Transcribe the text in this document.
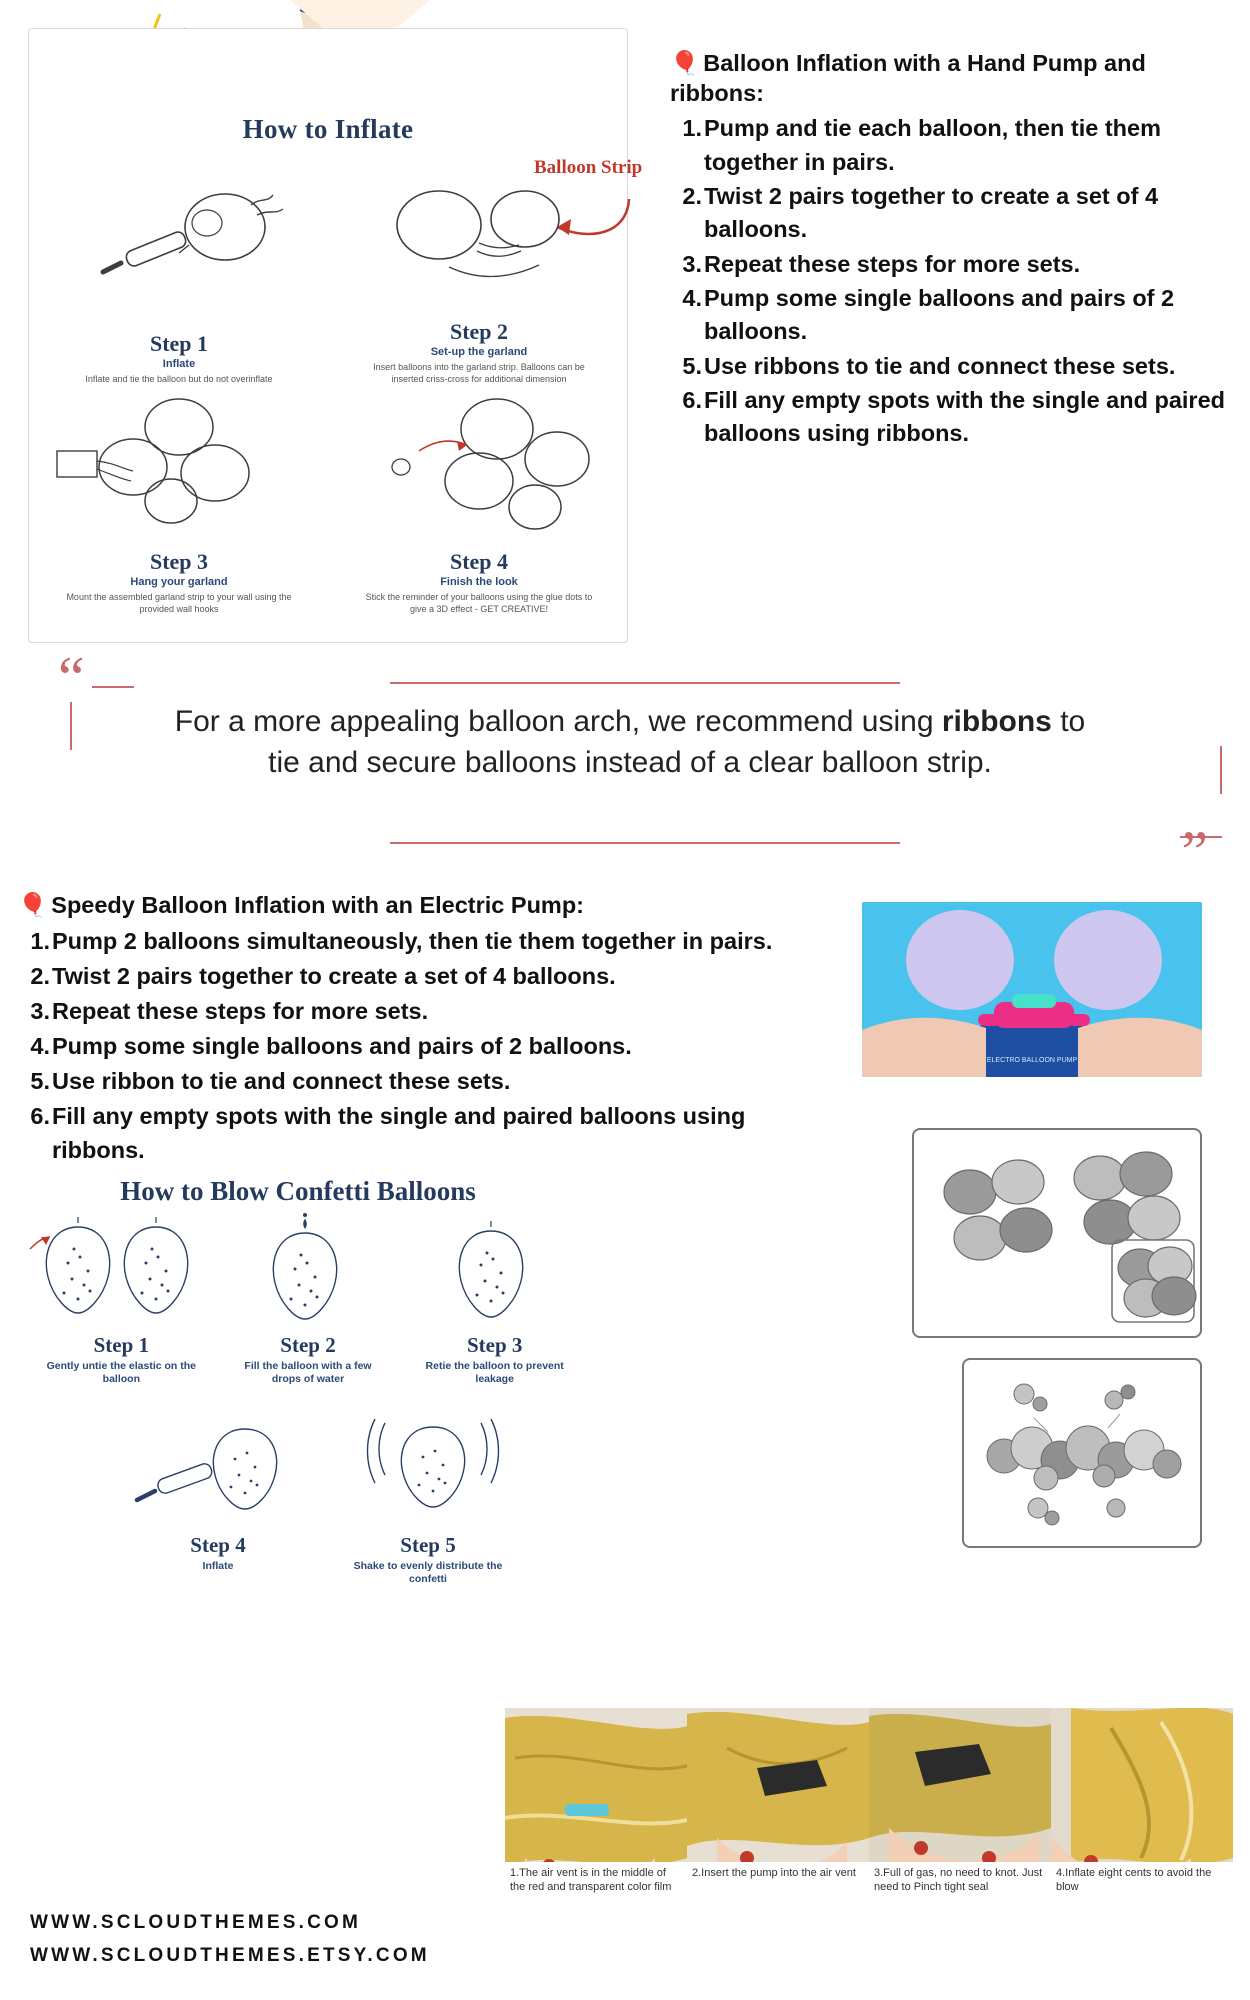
How to Inflate
Balloon Strip
Step 1
Inflate
Inflate and tie the balloon but do not overinflate
Step 2
Set-up the garland
Insert balloons into the garland strip. Balloons can be inserted criss-cross for additional dimension
Step 3
Hang your garland
Mount the assembled garland strip to your wall using the provided wall hooks
Step 4
Finish the look
Stick the reminder of your balloons using the glue dots to give a 3D effect - GET CREATIVE!
🎈 Balloon Inflation with a Hand Pump and ribbons:
Pump and tie each balloon, then tie them together in pairs.
Twist 2 pairs together to create a set of 4 balloons.
Repeat these steps for more sets.
Pump some single balloons and pairs of 2 balloons.
Use ribbons to tie and connect these sets.
Fill any empty spots with the single and paired balloons using ribbons.
“
”
For a more appealing balloon arch, we recommend using ribbons to tie and secure balloons instead of a clear balloon strip.
🎈 Speedy Balloon Inflation with an Electric Pump:
Pump 2 balloons simultaneously, then tie them together in pairs.
Twist 2 pairs together to create a set of 4 balloons.
Repeat these steps for more sets.
Pump some single balloons and pairs of 2 balloons.
Use ribbon to tie and connect these sets.
Fill any empty spots with the single and paired balloons using ribbons.
ELECTRO BALLOON PUMP
How to Blow Confetti Balloons
Step 1
Gently untie the elastic on the balloon
Step 2
Fill the balloon with a few drops of water
Step 3
Retie the balloon to prevent leakage
Step 4
Inflate
Step 5
Shake to evenly distribute the confetti
1.The air vent is in the middle of the red and transparent color film
2.Insert the pump into the air vent	3.Full of gas, no need to knot. Just need to Pinch tight seal
4.Inflate eight cents to avoid the blow
WWW.SCLOUDTHEMES.COM
WWW.SCLOUDTHEMES.ETSY.COM
